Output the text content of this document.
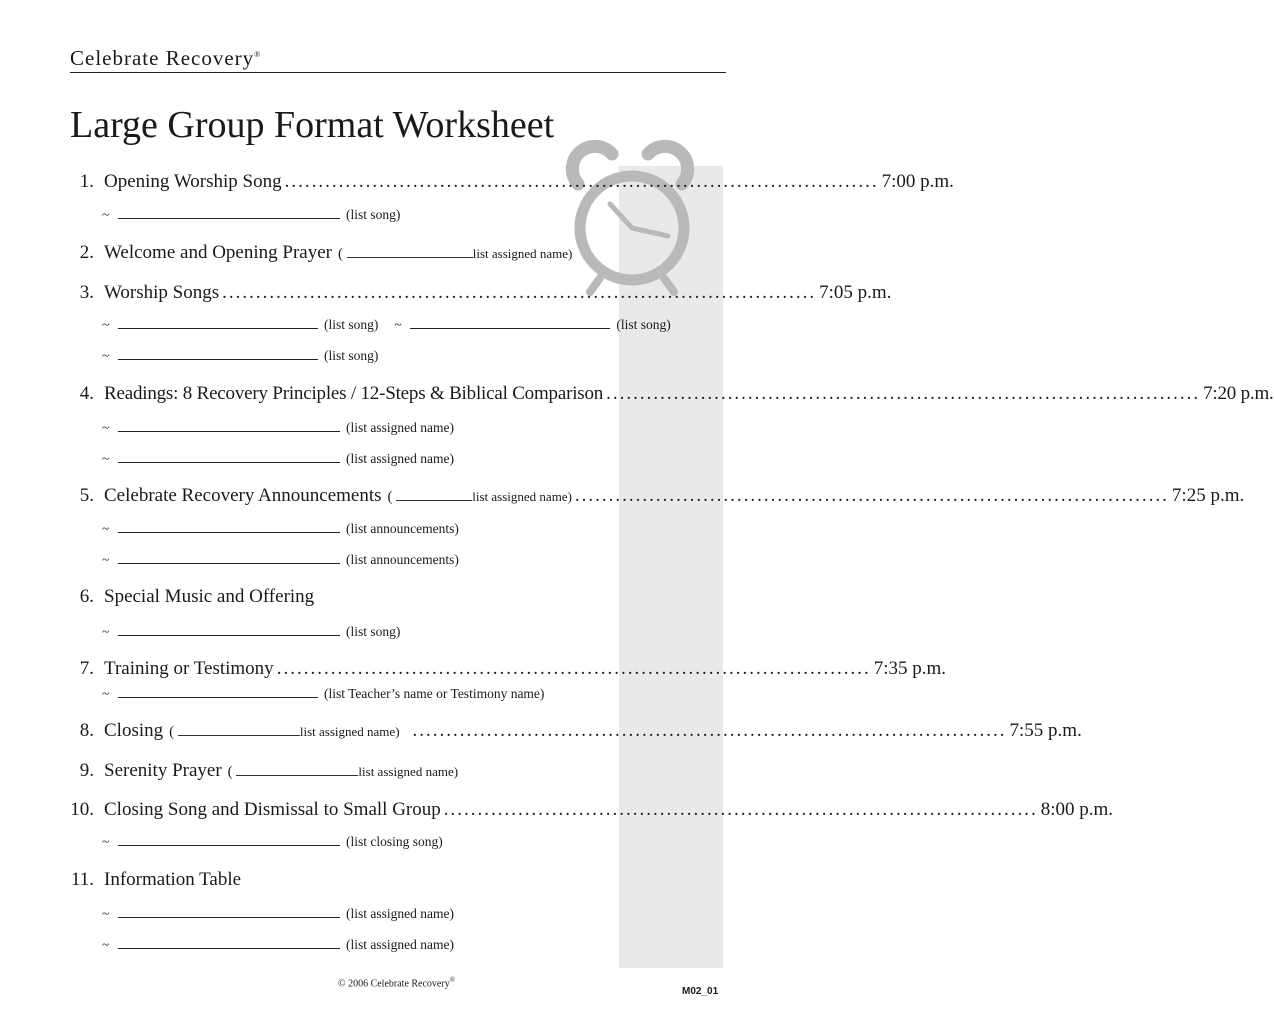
Celebrate Recovery®
Large Group Format Worksheet
1. Opening Worship Song ........................................................................................ 7:00 p.m.
~	(list song)
2. Welcome and Opening Prayer (	list assigned name)
3. Worship Songs ........................................................................................ 7:05 p.m.
~	(list song) ~	(list song)
~	(list song)
4. Readings: 8 Recovery Principles / 12-Steps & Biblical Comparison ........................................................................................ 7:20 p.m.
~	(list assigned name)
~	(list assigned name)
5. Celebrate Recovery Announcements (	list assigned name) ........................................................................................ 7:25 p.m.
~	(list announcements)
~	(list announcements)
6. Special Music and Offering
~	(list song)
7. Training or Testimony ........................................................................................ 7:35 p.m.
~	(list Teacher’s name or Testimony name)
8. Closing (	list assigned name) ........................................................................................ 7:55 p.m.
9. Serenity Prayer (	list assigned name)
10. Closing Song and Dismissal to Small Group ........................................................................................ 8:00 p.m.
~	(list closing song)
11. Information Table
~	(list assigned name)
~	(list assigned name)
© 2006 Celebrate Recovery®
M02_01
